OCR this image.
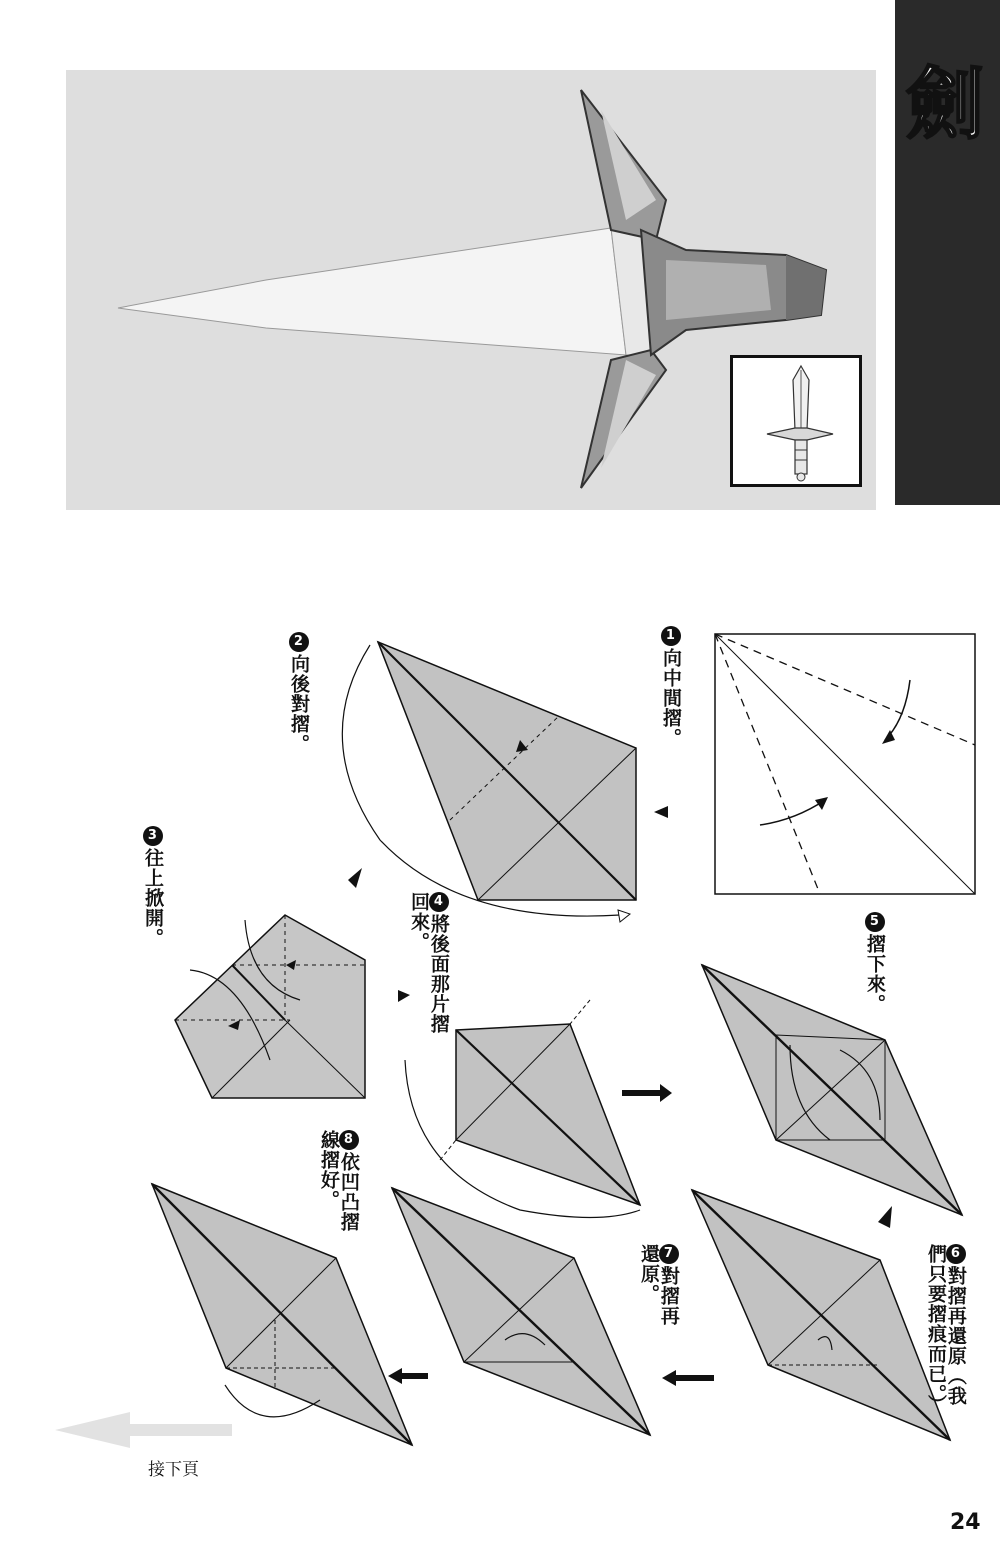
劍
1向中間摺。
2向後對摺。
3往上掀開。	4將後面那片摺回來。	5摺下來。
6對摺再還原（我們只要摺痕而已。）
7對摺再還原。
8依凹凸摺線摺好。
接下頁
24
